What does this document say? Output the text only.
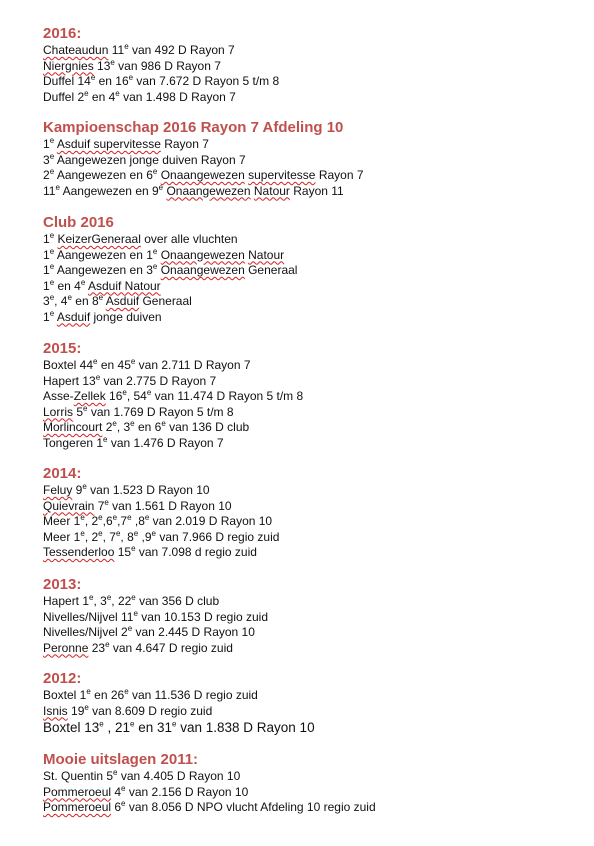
2016:
Chateaudun 11e van 492 D Rayon 7
Niergnies 13e van 986 D Rayon 7
Duffel 14e en 16e van 7.672 D Rayon 5 t/m 8
Duffel 2e en 4e van 1.498 D Rayon 7
Kampioenschap 2016 Rayon 7 Afdeling 10
1e Asduif supervitesse Rayon 7
3e Aangewezen jonge duiven Rayon 7
2e Aangewezen en 6e Onaangewezen supervitesse Rayon 7
11e Aangewezen en 9e Onaangewezen Natour Rayon 11
Club 2016
1e KeizerGeneraal over alle vluchten
1e Aangewezen en 1e Onaangewezen Natour
1e Aangewezen en 3e Onaangewezen Generaal
1e en 4e Asduif Natour
3e, 4e en 8e Asduif Generaal
1e Asduif jonge duiven
2015:
Boxtel 44e en 45e van 2.711 D Rayon 7
Hapert 13e van 2.775 D Rayon 7
Asse-Zellek 16e, 54e van 11.474 D Rayon 5 t/m 8
Lorris 5e van 1.769 D Rayon 5 t/m 8
Morlincourt 2e, 3e en 6e van 136 D club
Tongeren 1e van 1.476 D Rayon 7
2014:
Feluy 9e van 1.523 D Rayon 10
Quievrain 7e van 1.561 D Rayon 10
Meer 1e, 2e,6e,7e ,8e van 2.019 D Rayon 10
Meer 1e, 2e, 7e, 8e ,9e van 7.966 D regio zuid
Tessenderloo 15e van 7.098 d regio zuid
2013:
Hapert 1e, 3e, 22e van 356 D club
Nivelles/Nijvel 11e van 10.153 D regio zuid
Nivelles/Nijvel 2e van 2.445 D Rayon 10
Peronne 23e van 4.647 D regio zuid
2012:
Boxtel 1e en 26e van 11.536 D regio zuid
Isnis 19e van 8.609 D regio zuid
Boxtel 13e , 21e en 31e van 1.838 D Rayon 10
Mooie uitslagen 2011:
St. Quentin 5e van 4.405 D Rayon 10
Pommeroeul 4e van 2.156 D Rayon 10
Pommeroeul 6e van 8.056 D NPO vlucht Afdeling 10 regio zuid
